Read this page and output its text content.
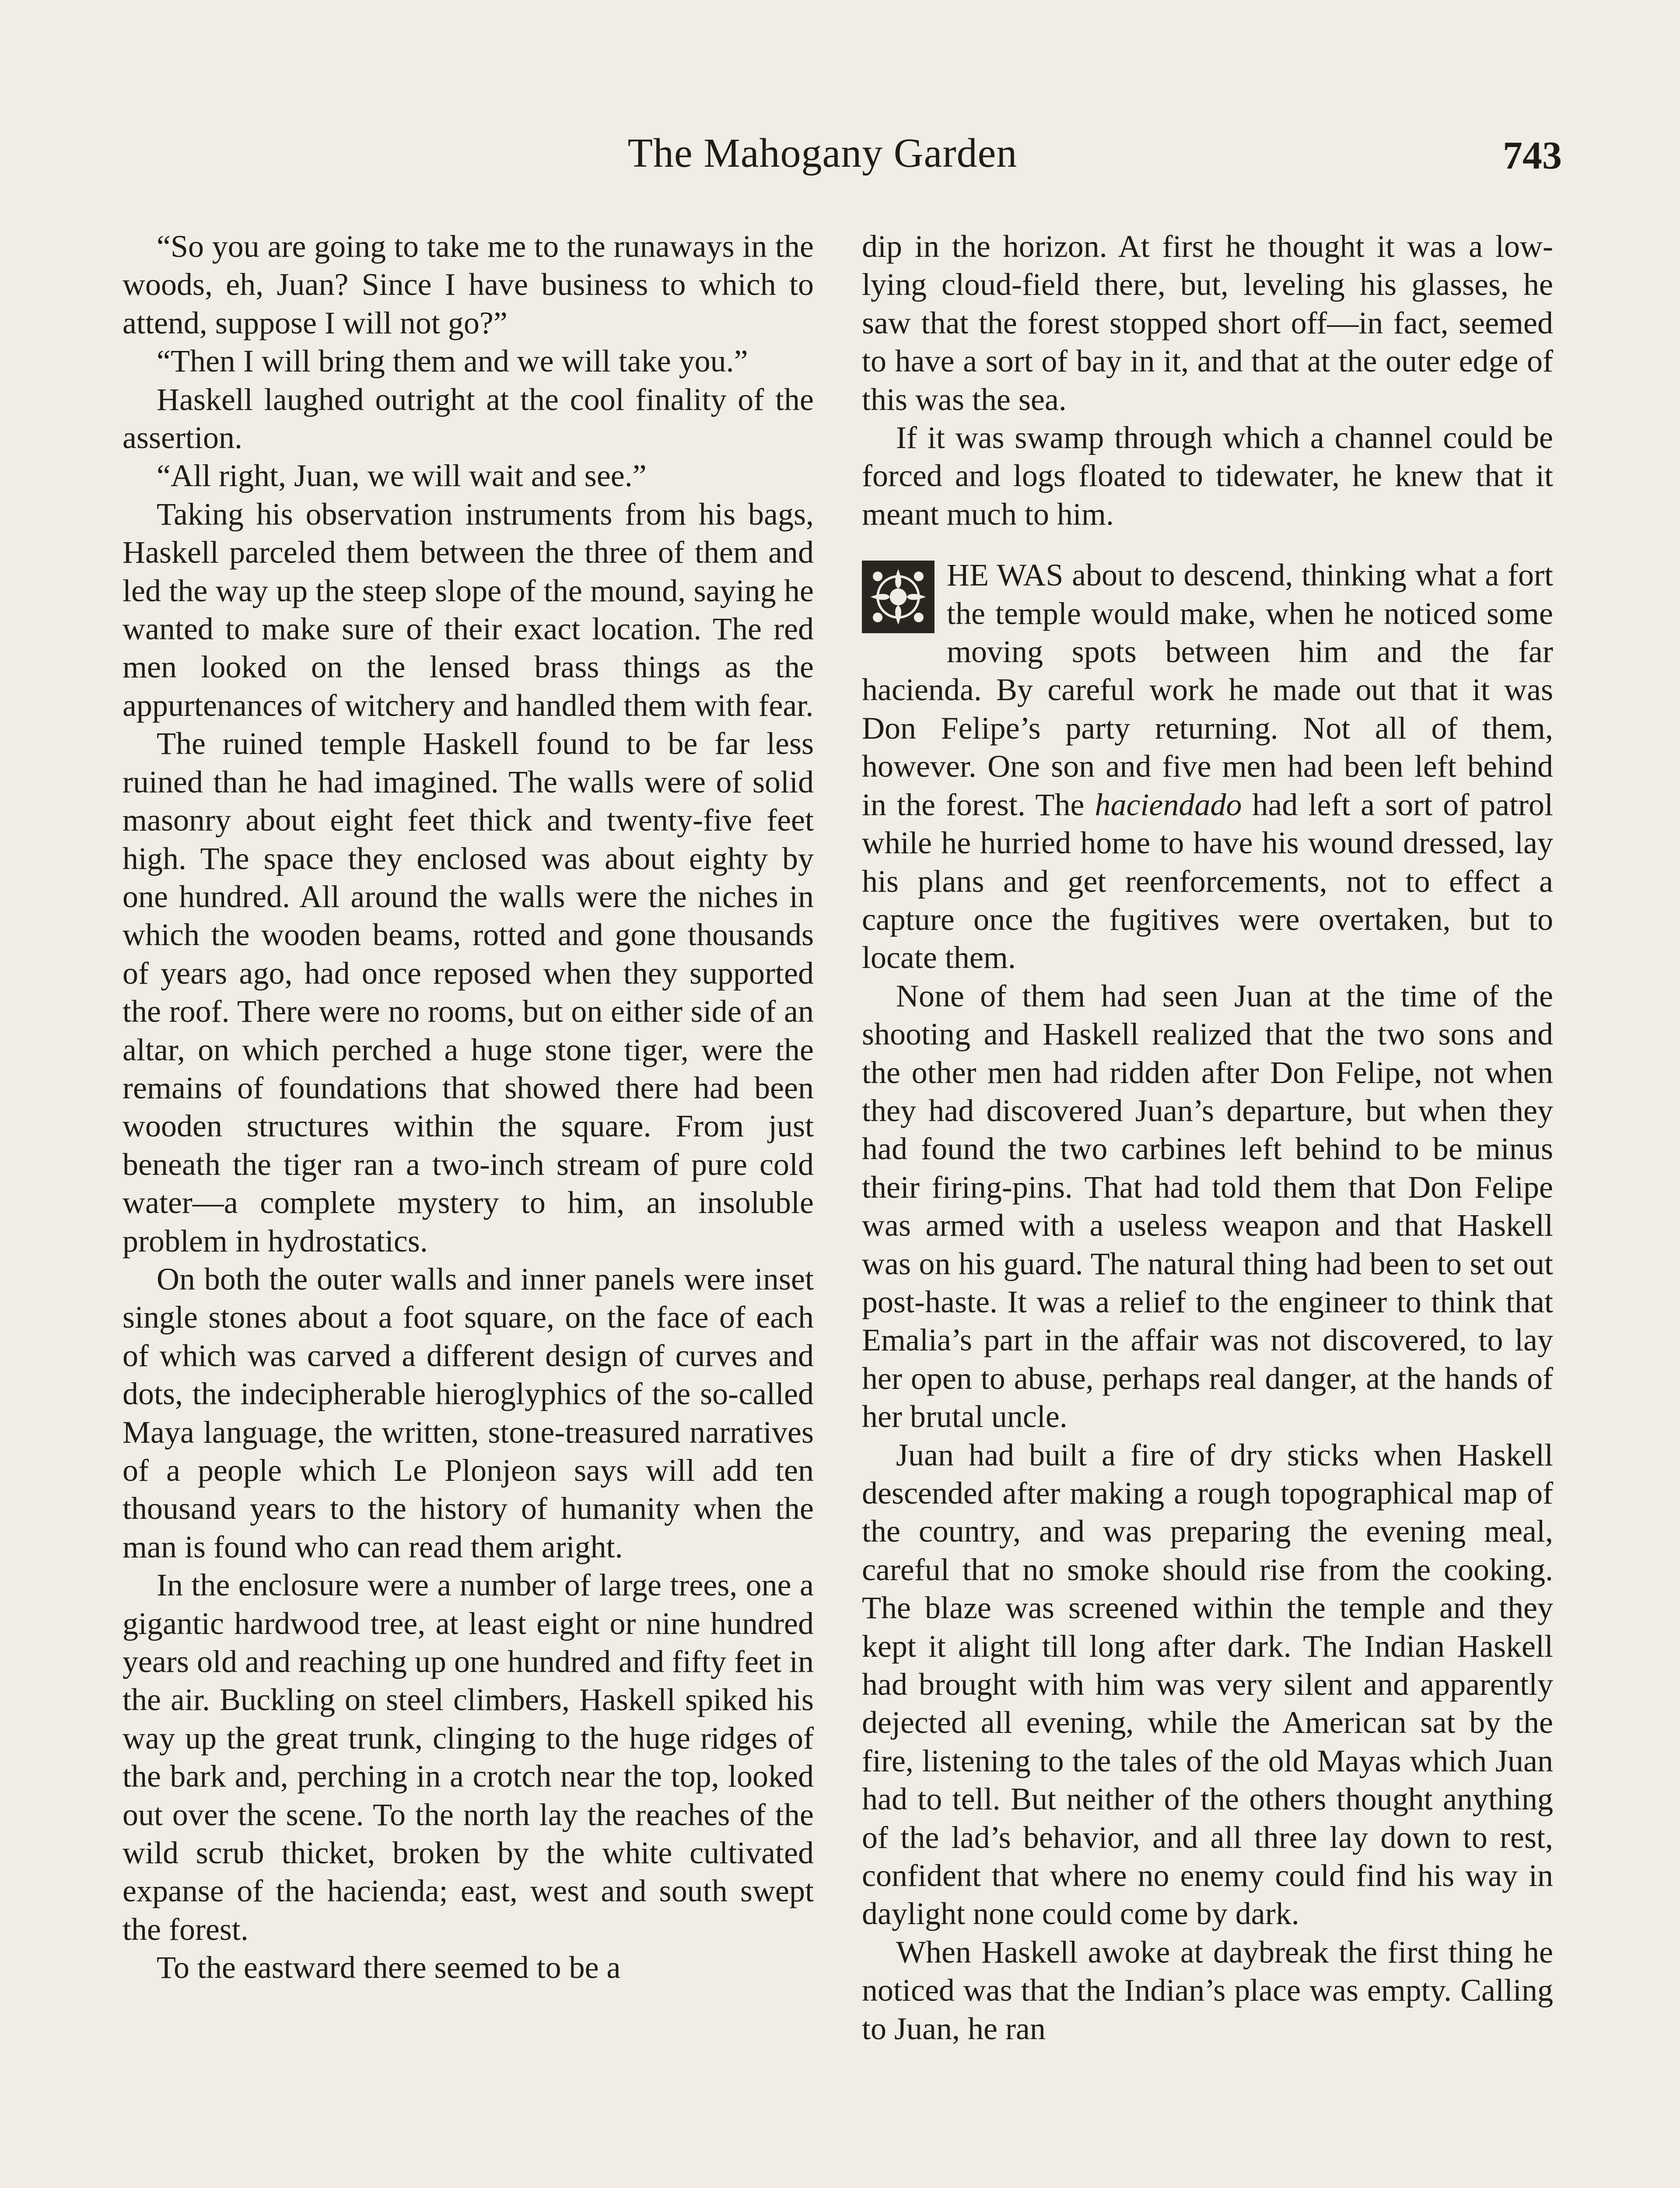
The Mahogany Garden	743

“So you are going to take me to the runaways in the woods, eh, Juan? Since I have business to which to attend, suppose I will not go?”

“Then I will bring them and we will take you.”

Haskell laughed outright at the cool finality of the assertion.

“All right, Juan, we will wait and see.”

Taking his observation instruments from his bags, Haskell parceled them between the three of them and led the way up the steep slope of the mound, saying he wanted to make sure of their exact location. The red men looked on the lensed brass things as the appurtenances of witchery and handled them with fear.

The ruined temple Haskell found to be far less ruined than he had imagined. The walls were of solid masonry about eight feet thick and twenty-five feet high. The space they enclosed was about eighty by one hundred. All around the walls were the niches in which the wooden beams, rotted and gone thousands of years ago, had once reposed when they supported the roof. There were no rooms, but on either side of an altar, on which perched a huge stone tiger, were the remains of foundations that showed there had been wooden structures within the square. From just beneath the tiger ran a two-inch stream of pure cold water—a complete mystery to him, an insoluble problem in hydrostatics.

On both the outer walls and inner panels were inset single stones about a foot square, on the face of each of which was carved a different design of curves and dots, the indecipherable hieroglyphics of the so-called Maya language, the written, stone-treasured narratives of a people which Le Plonjeon says will add ten thousand years to the history of humanity when the man is found who can read them aright.

In the enclosure were a number of large trees, one a gigantic hardwood tree, at least eight or nine hundred years old and reaching up one hundred and fifty feet in the air. Buckling on steel climbers, Haskell spiked his way up the great trunk, clinging to the huge ridges of the bark and, perching in a crotch near the top, looked out over the scene. To the north lay the reaches of the wild scrub thicket, broken by the white cultivated expanse of the hacienda; east, west and south swept the forest.

To the eastward there seemed to be a

dip in the horizon. At first he thought it was a low-lying cloud-field there, but, leveling his glasses, he saw that the forest stopped short off—in fact, seemed to have a sort of bay in it, and that at the outer edge of this was the sea.

If it was swamp through which a channel could be forced and logs floated to tidewater, he knew that it meant much to him.

HE WAS about to descend, thinking what a fort the temple would make, when he noticed some moving spots between him and the far hacienda. By careful work he made out that it was Don Felipe’s party returning. Not all of them, however. One son and five men had been left behind in the forest. The haciendado had left a sort of patrol while he hurried home to have his wound dressed, lay his plans and get reenforcements, not to effect a capture once the fugitives were overtaken, but to locate them.

None of them had seen Juan at the time of the shooting and Haskell realized that the two sons and the other men had ridden after Don Felipe, not when they had discovered Juan’s departure, but when they had found the two carbines left behind to be minus their firing-pins. That had told them that Don Felipe was armed with a useless weapon and that Haskell was on his guard. The natural thing had been to set out post-haste. It was a relief to the engineer to think that Emalia’s part in the affair was not discovered, to lay her open to abuse, perhaps real danger, at the hands of her brutal uncle.

Juan had built a fire of dry sticks when Haskell descended after making a rough topographical map of the country, and was preparing the evening meal, careful that no smoke should rise from the cooking. The blaze was screened within the temple and they kept it alight till long after dark. The Indian Haskell had brought with him was very silent and apparently dejected all evening, while the American sat by the fire, listening to the tales of the old Mayas which Juan had to tell. But neither of the others thought anything of the lad’s behavior, and all three lay down to rest, confident that where no enemy could find his way in daylight none could come by dark.

When Haskell awoke at daybreak the first thing he noticed was that the Indian’s place was empty. Calling to Juan, he ran
